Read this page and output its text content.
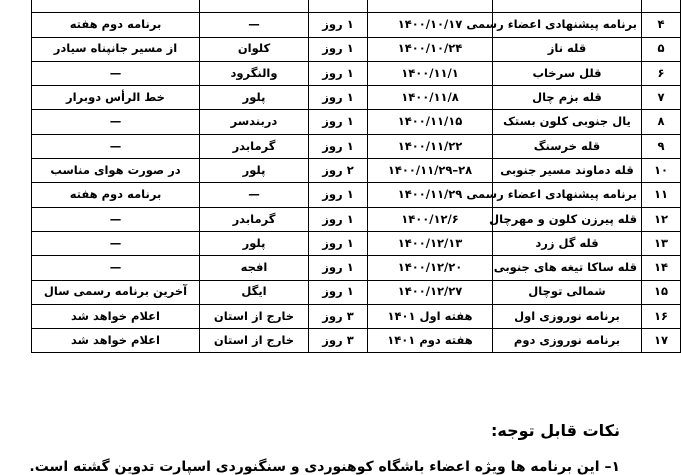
۴	برنامه پیشنهادی اعضاء رسمی	۱۴۰۰/۱۰/۱۷	۱ روز	—	برنامه دوم هفته
۵	قله ناز	۱۴۰۰/۱۰/۲۴	۱ روز	کلوان	از مسیر جانپناه سیادر
۶	قلل سرخاب	۱۴۰۰/۱۱/۱	۱ روز	والنگرود	—
۷	قله بزم چال	۱۴۰۰/۱۱/۸	۱ روز	پلور	خط الرأس دوبرار
۸	یال جنوبی کلون بستک	۱۴۰۰/۱۱/۱۵	۱ روز	دربندسر	—
۹	قله خرسنگ	۱۴۰۰/۱۱/۲۲	۱ روز	گرمابدر	—
۱۰	قله دماوند مسیر جنوبی	۲۸–۱۴۰۰/۱۱/۲۹	۲ روز	پلور	در صورت هوای مناسب
۱۱	برنامه پیشنهادی اعضاء رسمی	۱۴۰۰/۱۱/۲۹	۱ روز	—	برنامه دوم هفته
۱۲	قله پیرزن کلون و مهرچال	۱۴۰۰/۱۲/۶	۱ روز	گرمابدر	—
۱۳	قله گل زرد	۱۴۰۰/۱۲/۱۳	۱ روز	پلور	—
۱۴	قله ساکا تیغه های جنوبی	۱۴۰۰/۱۲/۲۰	۱ روز	افجه	—
۱۵	شمالی توچال	۱۴۰۰/۱۲/۲۷	۱ روز	ایگل	آخرین برنامه رسمی سال
۱۶	برنامه نوروزی اول	هفته اول ۱۴۰۱	۳ روز	خارج از استان	اعلام خواهد شد
۱۷	برنامه نوروزی دوم	هفته دوم ۱۴۰۱	۳ روز	خارج از استان	اعلام خواهد شد
نکات قابل توجه:
۱– این برنامه ها ویژه اعضاء باشگاه کوهنوردی و سنگنوردی اسپارت تدوین گشته است.
